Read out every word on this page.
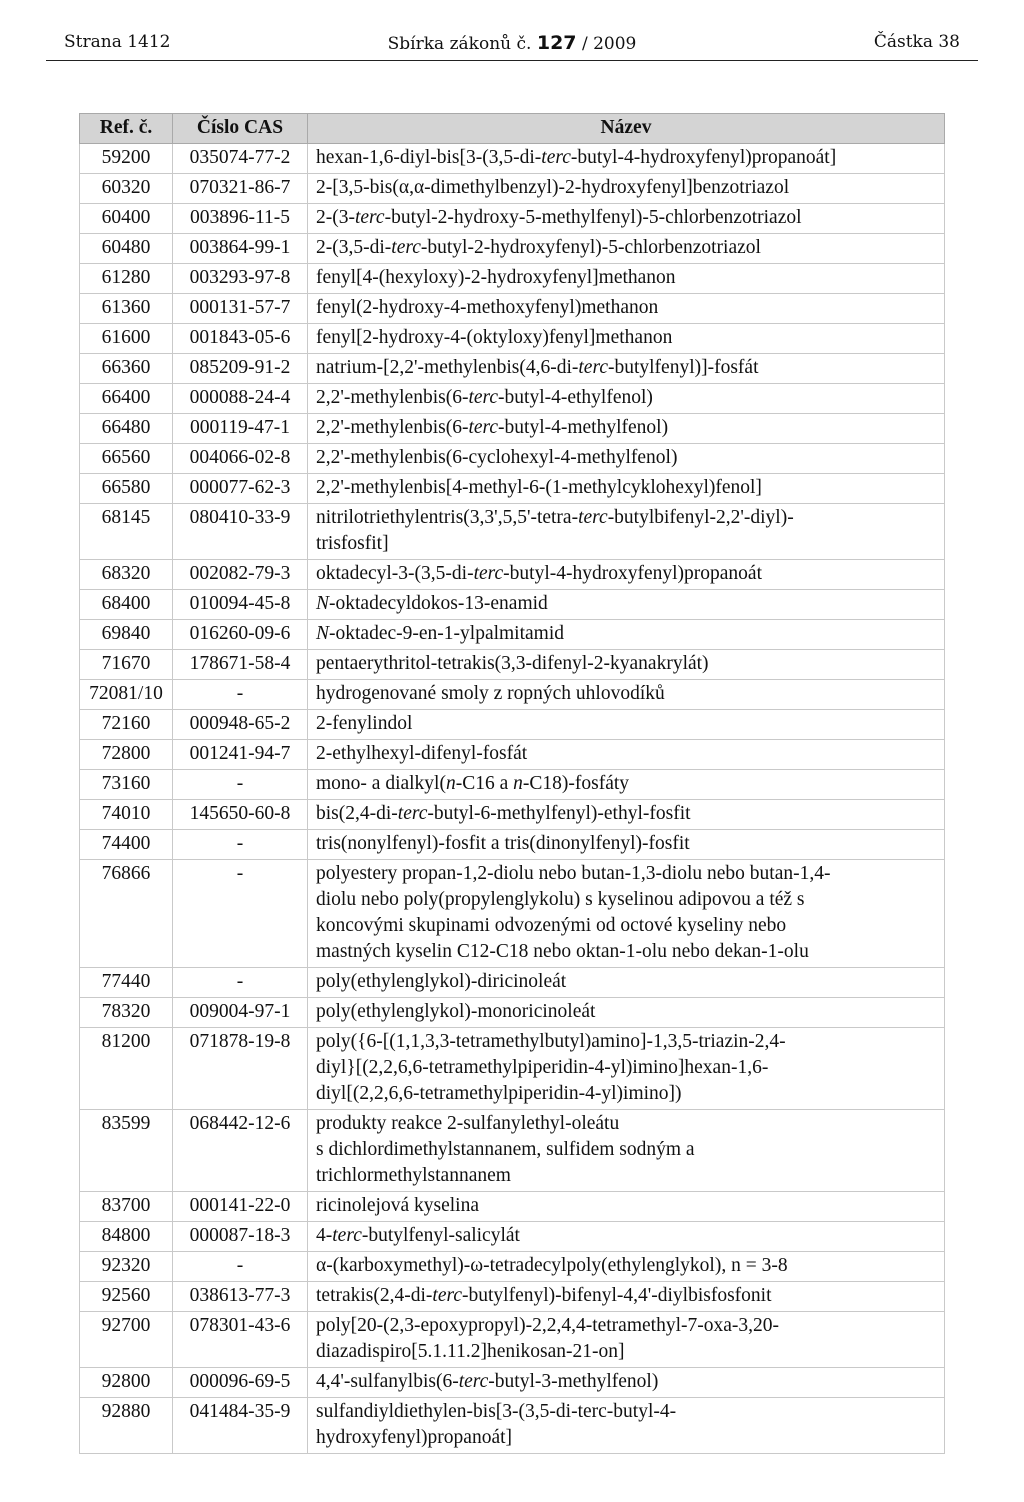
Strana 1412	Sbírka zákonů č. 127 / 2009	Částka 38
Ref. č.	Číslo CAS	Název
59200	035074-77-2	hexan-1,6-diyl-bis[3-(3,5-di-terc-butyl-4-hydroxyfenyl)propanoát]
60320	070321-86-7	2-[3,5-bis(α,α-dimethylbenzyl)-2-hydroxyfenyl]benzotriazol
60400	003896-11-5	2-(3-terc-butyl-2-hydroxy-5-methylfenyl)-5-chlorbenzotriazol
60480	003864-99-1	2-(3,5-di-terc-butyl-2-hydroxyfenyl)-5-chlorbenzotriazol
61280	003293-97-8	fenyl[4-(hexyloxy)-2-hydroxyfenyl]methanon
61360	000131-57-7	fenyl(2-hydroxy-4-methoxyfenyl)methanon
61600	001843-05-6	fenyl[2-hydroxy-4-(oktyloxy)fenyl]methanon
66360	085209-91-2	natrium-[2,2'-methylenbis(4,6-di-terc-butylfenyl)]-fosfát
66400	000088-24-4	2,2'-methylenbis(6-terc-butyl-4-ethylfenol)
66480	000119-47-1	2,2'-methylenbis(6-terc-butyl-4-methylfenol)
66560	004066-02-8	2,2'-methylenbis(6-cyclohexyl-4-methylfenol)
66580	000077-62-3	2,2'-methylenbis[4-methyl-6-(1-methylcyklohexyl)fenol]
68145	080410-33-9	nitrilotriethylentris(3,3',5,5'-tetra-terc-butylbifenyl-2,2'-diyl)-
trisfosfit]
68320	002082-79-3	oktadecyl-3-(3,5-di-terc-butyl-4-hydroxyfenyl)propanoát
68400	010094-45-8	N-oktadecyldokos-13-enamid
69840	016260-09-6	N-oktadec-9-en-1-ylpalmitamid
71670	178671-58-4	pentaerythritol-tetrakis(3,3-difenyl-2-kyanakrylát)
72081/10	-	hydrogenované smoly z ropných uhlovodíků
72160	000948-65-2	2-fenylindol
72800	001241-94-7	2-ethylhexyl-difenyl-fosfát
73160	-	mono- a dialkyl(n-C16 a n-C18)-fosfáty
74010	145650-60-8	bis(2,4-di-terc-butyl-6-methylfenyl)-ethyl-fosfit
74400	-	tris(nonylfenyl)-fosfit a tris(dinonylfenyl)-fosfit
76866	-	polyestery propan-1,2-diolu nebo butan-1,3-diolu nebo butan-1,4-
diolu nebo poly(propylenglykolu) s kyselinou adipovou a též s
koncovými skupinami odvozenými od octové kyseliny nebo
mastných kyselin C12-C18 nebo oktan-1-olu nebo dekan-1-olu
77440	-	poly(ethylenglykol)-diricinoleát
78320	009004-97-1	poly(ethylenglykol)-monoricinoleát
81200	071878-19-8	poly({6-[(1,1,3,3-tetramethylbutyl)amino]-1,3,5-triazin-2,4-
diyl}[(2,2,6,6-tetramethylpiperidin-4-yl)imino]hexan-1,6-
diyl[(2,2,6,6-tetramethylpiperidin-4-yl)imino])
83599	068442-12-6	produkty reakce 2-sulfanylethyl-oleátu
s dichlordimethylstannanem, sulfidem sodným a
trichlormethylstannanem
83700	000141-22-0	ricinolejová kyselina
84800	000087-18-3	4-terc-butylfenyl-salicylát
92320	-	α-(karboxymethyl)-ω-tetradecylpoly(ethylenglykol), n = 3-8
92560	038613-77-3	tetrakis(2,4-di-terc-butylfenyl)-bifenyl-4,4'-diylbisfosfonit
92700	078301-43-6	poly[20-(2,3-epoxypropyl)-2,2,4,4-tetramethyl-7-oxa-3,20-
diazadispiro[5.1.11.2]henikosan-21-on]
92800	000096-69-5	4,4'-sulfanylbis(6-terc-butyl-3-methylfenol)
92880	041484-35-9	sulfandiyldiethylen-bis[3-(3,5-di-terc-butyl-4-
hydroxyfenyl)propanoát]
